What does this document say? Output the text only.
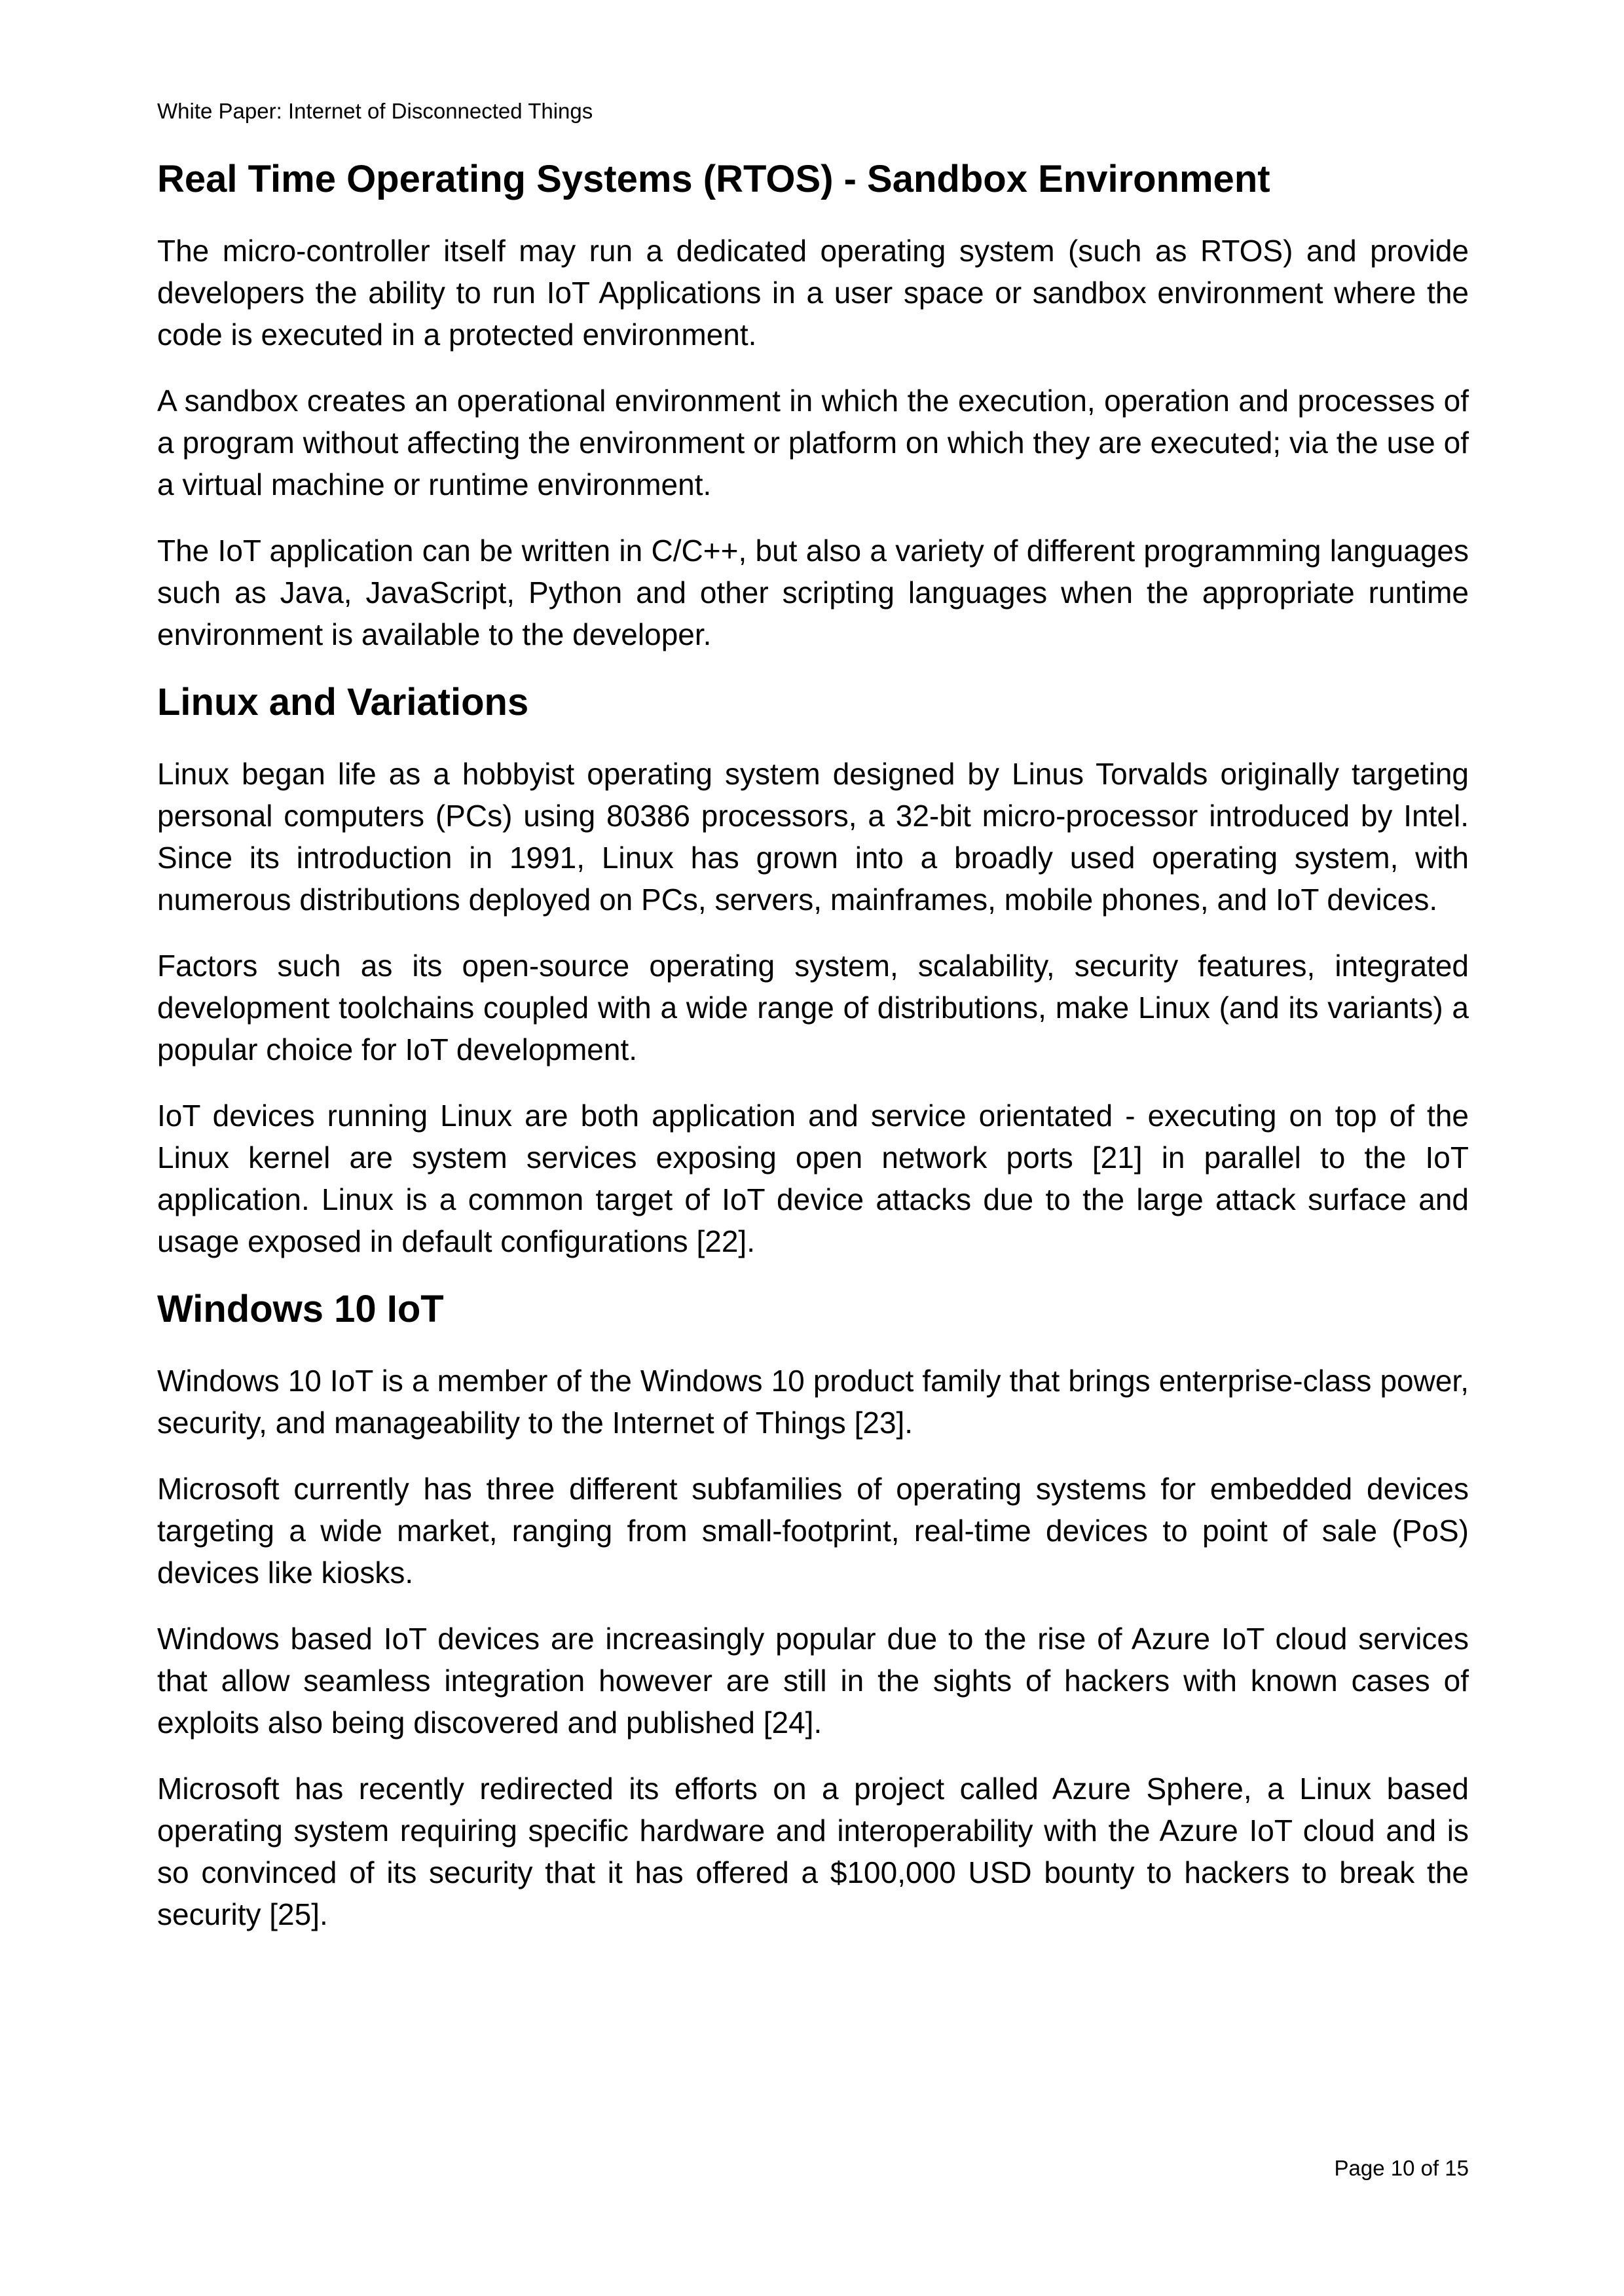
White Paper: Internet of Disconnected Things
Real Time Operating Systems (RTOS) - Sandbox Environment

The micro-controller itself may run a dedicated operating system (such as RTOS) and provide developers the ability to run IoT Applications in a user space or sandbox environment where the code is executed in a protected environment.

A sandbox creates an operational environment in which the execution, operation and processes of a program without affecting the environment or platform on which they are executed; via the use of a virtual machine or runtime environment.

The IoT application can be written in C/C++, but also a variety of different programming languages such as Java, JavaScript, Python and other scripting languages when the appropriate runtime environment is available to the developer.

Linux and Variations

Linux began life as a hobbyist operating system designed by Linus Torvalds originally targeting personal computers (PCs) using 80386 processors, a 32-bit micro-processor introduced by Intel. Since its introduction in 1991, Linux has grown into a broadly used operating system, with numerous distributions deployed on PCs, servers, mainframes, mobile phones, and IoT devices.

Factors such as its open-source operating system, scalability, security features, integrated development toolchains coupled with a wide range of distributions, make Linux (and its variants) a popular choice for IoT development.

IoT devices running Linux are both application and service orientated - executing on top of the Linux kernel are system services exposing open network ports [21] in parallel to the IoT application. Linux is a common target of IoT device attacks due to the large attack surface and usage exposed in default configurations [22].

Windows 10 IoT

Windows 10 IoT is a member of the Windows 10 product family that brings enterprise-class power, security, and manageability to the Internet of Things [23].

Microsoft currently has three different subfamilies of operating systems for embedded devices targeting a wide market, ranging from small-footprint, real-time devices to point of sale (PoS) devices like kiosks.

Windows based IoT devices are increasingly popular due to the rise of Azure IoT cloud services that allow seamless integration however are still in the sights of hackers with known cases of exploits also being discovered and published [24].

Microsoft has recently redirected its efforts on a project called Azure Sphere, a Linux based operating system requiring specific hardware and interoperability with the Azure IoT cloud and is so convinced of its security that it has offered a $100,000 USD bounty to hackers to break the security [25].

Page 10 of 15
